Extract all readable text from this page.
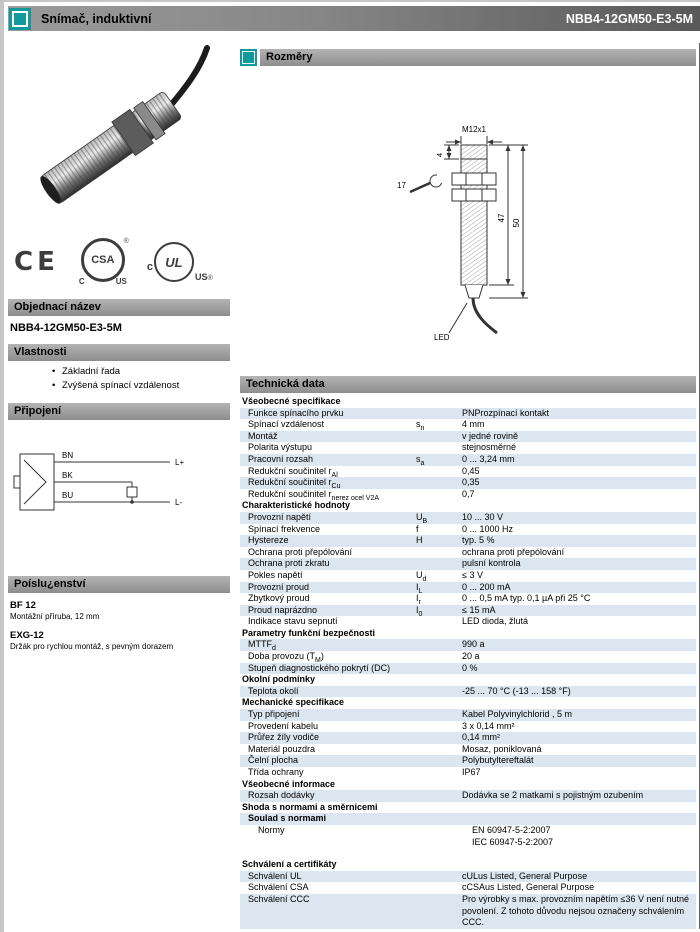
Snímač, induktivní	NBB4-12GM50-E3-5M
CE	CSA
C	US
®
c UL
US ®
Objednací název
NBB4-12GM50-E3-5M
Vlastnosti
• Základní řada
• Zvýšená spínací vzdálenost
Připojení
BN
BK
BU
L+
L-
Poíslu¿enství
BF 12
Montážní příruba, 12 mm
EXG-12
Držák pro rychlou montáž, s pevným dorazem
Rozměry
M12x1
4
17
47
50
LED
Technická data
Všeobecné specifikace
Funkce spínacího prvku	PNProzpínací kontakt
Spínací vzdálenost	$s_n$	4 mm
Montáž	v jedné rovině
Polarita výstupu	stejnosměrné
Pracovní rozsah	$s_a$	0 ... 3,24 mm
Redukční součinitel $r_{Al}$	0,45
Redukční součinitel $r_{Cu}$	0,35
Redukční součinitel $r_{nerez ocel V2A}$	0,7
Charakteristické hodnoty
Provozní napětí	$U_B$	10 ... 30 V
Spínací frekvence	f	0 ... 1000 Hz
Hystereze	H	typ. 5 %
Ochrana proti přepólování	ochrana proti přepólování
Ochrana proti zkratu	pulsní kontrola
Pokles napětí	$U_d$	≤ 3 V
Provozní proud	$I_L$	0 ... 200 mA
Zbytkový proud	$I_r$	0 ... 0,5 mA typ. 0,1 µA při 25 °C
Proud naprázdno	$I_0$	≤ 15 mA
Indikace stavu sepnutí	LED dioda, žlutá
Parametry funkční bezpečnosti
$MTTF_d$	990 a
Doba provozu $(T_M)$	20 a
Stupeň diagnostického pokrytí (DC)	0 %
Okolní podmínky
Teplota okolí	-25 ... 70 °C (-13 ... 158 °F)
Mechanické specifikace
Typ připojení	Kabel Polyvinylchlorid , 5 m
Provedení kabelu	3 x 0,14 mm²
Průřez žíly vodiče	0,14 mm²
Materiál pouzdra	Mosaz, poniklovaná
Čelní plocha	Polybutyltereftalát
Třída ochrany	IP67
Všeobecné informace
Rozsah dodávky	Dodávka se 2 matkami s pojistným ozubením
Shoda s normami a směrnicemi
Soulad s normami
Normy	EN 60947-5-2:2007
IEC 60947-5-2:2007
Schválení a certifikáty
Schválení UL	cULus Listed, General Purpose
Schválení CSA	cCSAus Listed, General Purpose
Schválení CCC	Pro výrobky s max. provozním napětím ≤36 V není nutné povolení. Z tohoto důvodu nejsou označeny schválením CCC.
